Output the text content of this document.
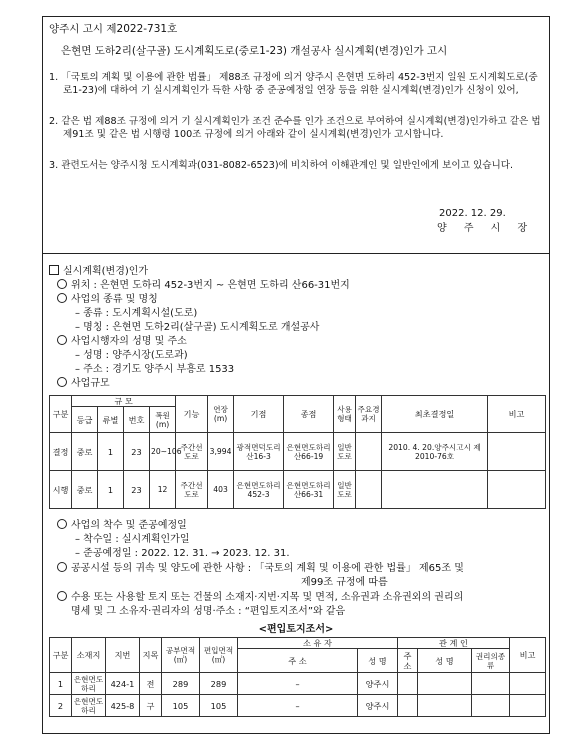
양주시 고시 제2022-731호
은현면 도하2리(살구골) 도시계획도로(중로1-23) 개설공사 실시계획(변경)인가 고시
1. 「국토의 계획 및 이용에 관한 법률」 제88조 규정에 의거 양주시 은현면 도하리 452-3번지 일원 도시계획도로(중로1-23)에 대하여 기 실시계획인가 득한 사항 중 준공예정일 연장 등을 위한 실시계획(변경)인가 신청이 있어,
2. 같은 법 제88조 규정에 의거 기 실시계획인가 조건 준수를 인가 조건으로 부여하여 실시계획(변경)인가하고 같은 법 제91조 및 같은 법 시행령 100조 규정에 의거 아래와 같이 실시계획(변경)인가 고시합니다.
3. 관련도서는 양주시청 도시계획과(031-8082-6523)에 비치하여 이해관계인 및 일반인에게 보이고 있습니다.
2022. 12. 29.
양 주 시 장
실시계획(변경)인가
위치 : 은현면 도하리 452-3번지 ~ 은현면 도하리 산66-31번지
사업의 종류 및 명칭
– 종류 : 도시계획시설(도로)
– 명칭 : 은현면 도하2리(살구골) 도시계획도로 개설공사
사업시행자의 성명 및 주소
– 성명 : 양주시장(도로과)
– 주소 : 경기도 양주시 부흥로 1533
사업규모
구분	규 모				기능	연장(m)	기점	종점	사용형태	주요경과지	최초결정일	비고
	등급	류별	번호	폭원(m)								
결정	중로	1	23	20~106	주간선도로	3,994	광적면덕도리산16-3	은현면도하리산66-19	일반도로		2010. 4. 20.양주시고시 제2010-76호	
시행	중로	1	23	12	주간선도로	403	은현면도하리452-3	은현면도하리산66-31	일반도로			
사업의 착수 및 준공예정일
– 착수일 : 실시계획인가일
– 준공예정일 : 2022. 12. 31. → 2023. 12. 31.
공공시설 등의 귀속 및 양도에 관한 사항 : 「국토의 계획 및 이용에 관한 법률」 제65조 및
제99조 규정에 따름
수용 또는 사용할 토지 또는 건물의 소재지·지번·지목 및 면적, 소유권과 소유권외의 권리의
명세 및 그 소유자·권리자의 성명·주소 : “편입토지조서”와 같음
<편입토지조서>
구분	소재지	지번	지목	공부면적(㎡)	편입면적(㎡)	소 유 자		관 계 인			비고
						주 소	성 명	주 소	성 명	권리의종류	
1	은현면도하리	424-1	전	289	289	–	양주시				
2	은현면도하리	425-8	구	105	105	–	양주시				
